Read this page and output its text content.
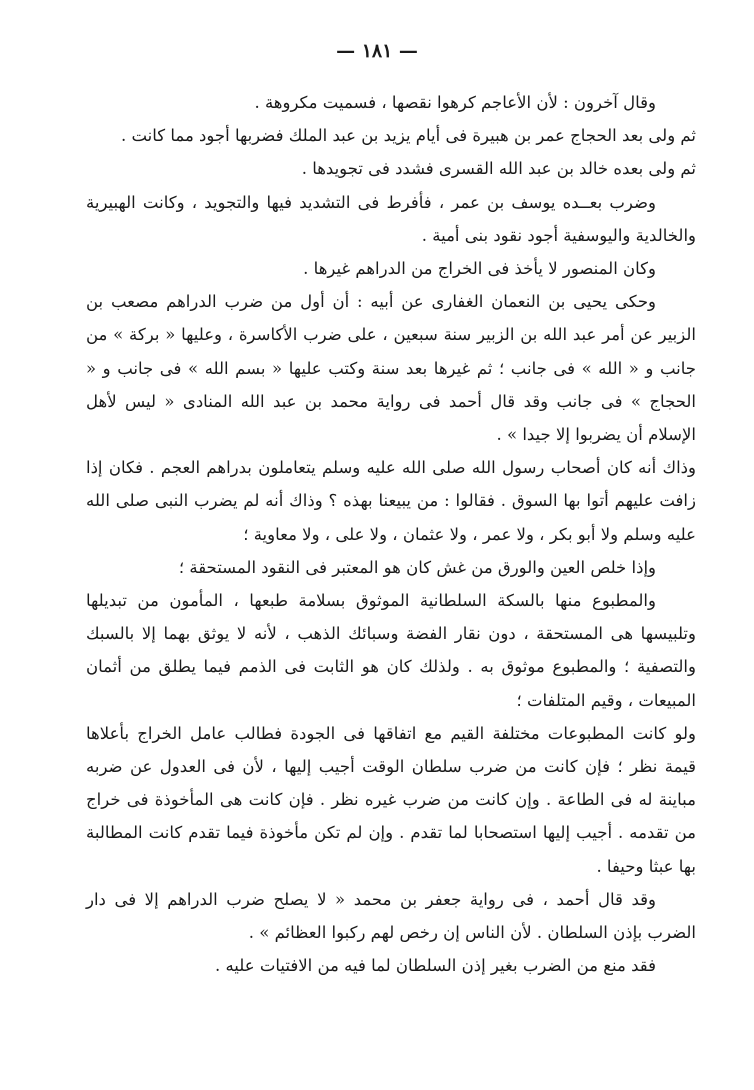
— ١٨١ —

وقال آخرون : لأن الأعاجم كرهوا نقصها ، فسميت مكروهة .

ثم ولى بعد الحجاج عمر بن هبيرة فى أيام يزيد بن عبد الملك فضربها أجود مما كانت .

ثم ولى بعده خالد بن عبد الله القسرى فشدد فى تجويدها .

وضرب بعــده يوسف بن عمر ، فأفرط فى التشديد فيها والتجويد ، وكانت الهبيرية والخالدية واليوسفية أجود نقود بنى أمية .

وكان المنصور لا يأخذ فى الخراج من الدراهم غيرها .

وحكى يحيى بن النعمان الغفارى عن أبيه : أن أول من ضرب الدراهم مصعب بن الزبير عن أمر عبد الله بن الزبير سنة سبعين ، على ضرب الأكاسرة ، وعليها « بركة » من جانب و « الله » فى جانب ؛ ثم غيرها بعد سنة وكتب عليها « بسم الله » فى جانب و « الحجاج » فى جانب وقد قال أحمد فى رواية محمد بن عبد الله المنادى « ليس لأهل الإسلام أن يضربوا إلا جيدا » .

وذاك أنه كان أصحاب رسول الله صلى الله عليه وسلم يتعاملون بدراهم العجم . فكان إذا زافت عليهم أتوا بها السوق . فقالوا : من يبيعنا بهذه ؟ وذاك أنه لم يضرب النبى صلى الله عليه وسلم ولا أبو بكر ، ولا عمر ، ولا عثمان ، ولا على ، ولا معاوية ؛

وإذا خلص العين والورق من غش كان هو المعتبر فى النقود المستحقة ؛

والمطبوع منها بالسكة السلطانية الموثوق بسلامة طبعها ، المأمون من تبديلها وتلبيسها هى المستحقة ، دون نقار الفضة وسبائك الذهب ، لأنه لا يوثق بهما إلا بالسبك والتصفية ؛ والمطبوع موثوق به . ولذلك كان هو الثابت فى الذمم فيما يطلق من أثمان المبيعات ، وقيم المتلفات ؛

ولو كانت المطبوعات مختلفة القيم مع اتفاقها فى الجودة فطالب عامل الخراج بأعلاها قيمة نظر ؛ فإن كانت من ضرب سلطان الوقت أجيب إليها ، لأن فى العدول عن ضربه مباينة له فى الطاعة . وإن كانت من ضرب غيره نظر . فإن كانت هى المأخوذة فى خراج من تقدمه . أجيب إليها استصحابا لما تقدم . وإن لم تكن مأخوذة فيما تقدم كانت المطالبة بها عبثا وحيفا .

وقد قال أحمد ، فى رواية جعفر بن محمد « لا يصلح ضرب الدراهم إلا فى دار الضرب بإذن السلطان . لأن الناس إن رخص لهم ركبوا العظائم » .

فقد منع من الضرب بغير إذن السلطان لما فيه من الافتيات عليه .
